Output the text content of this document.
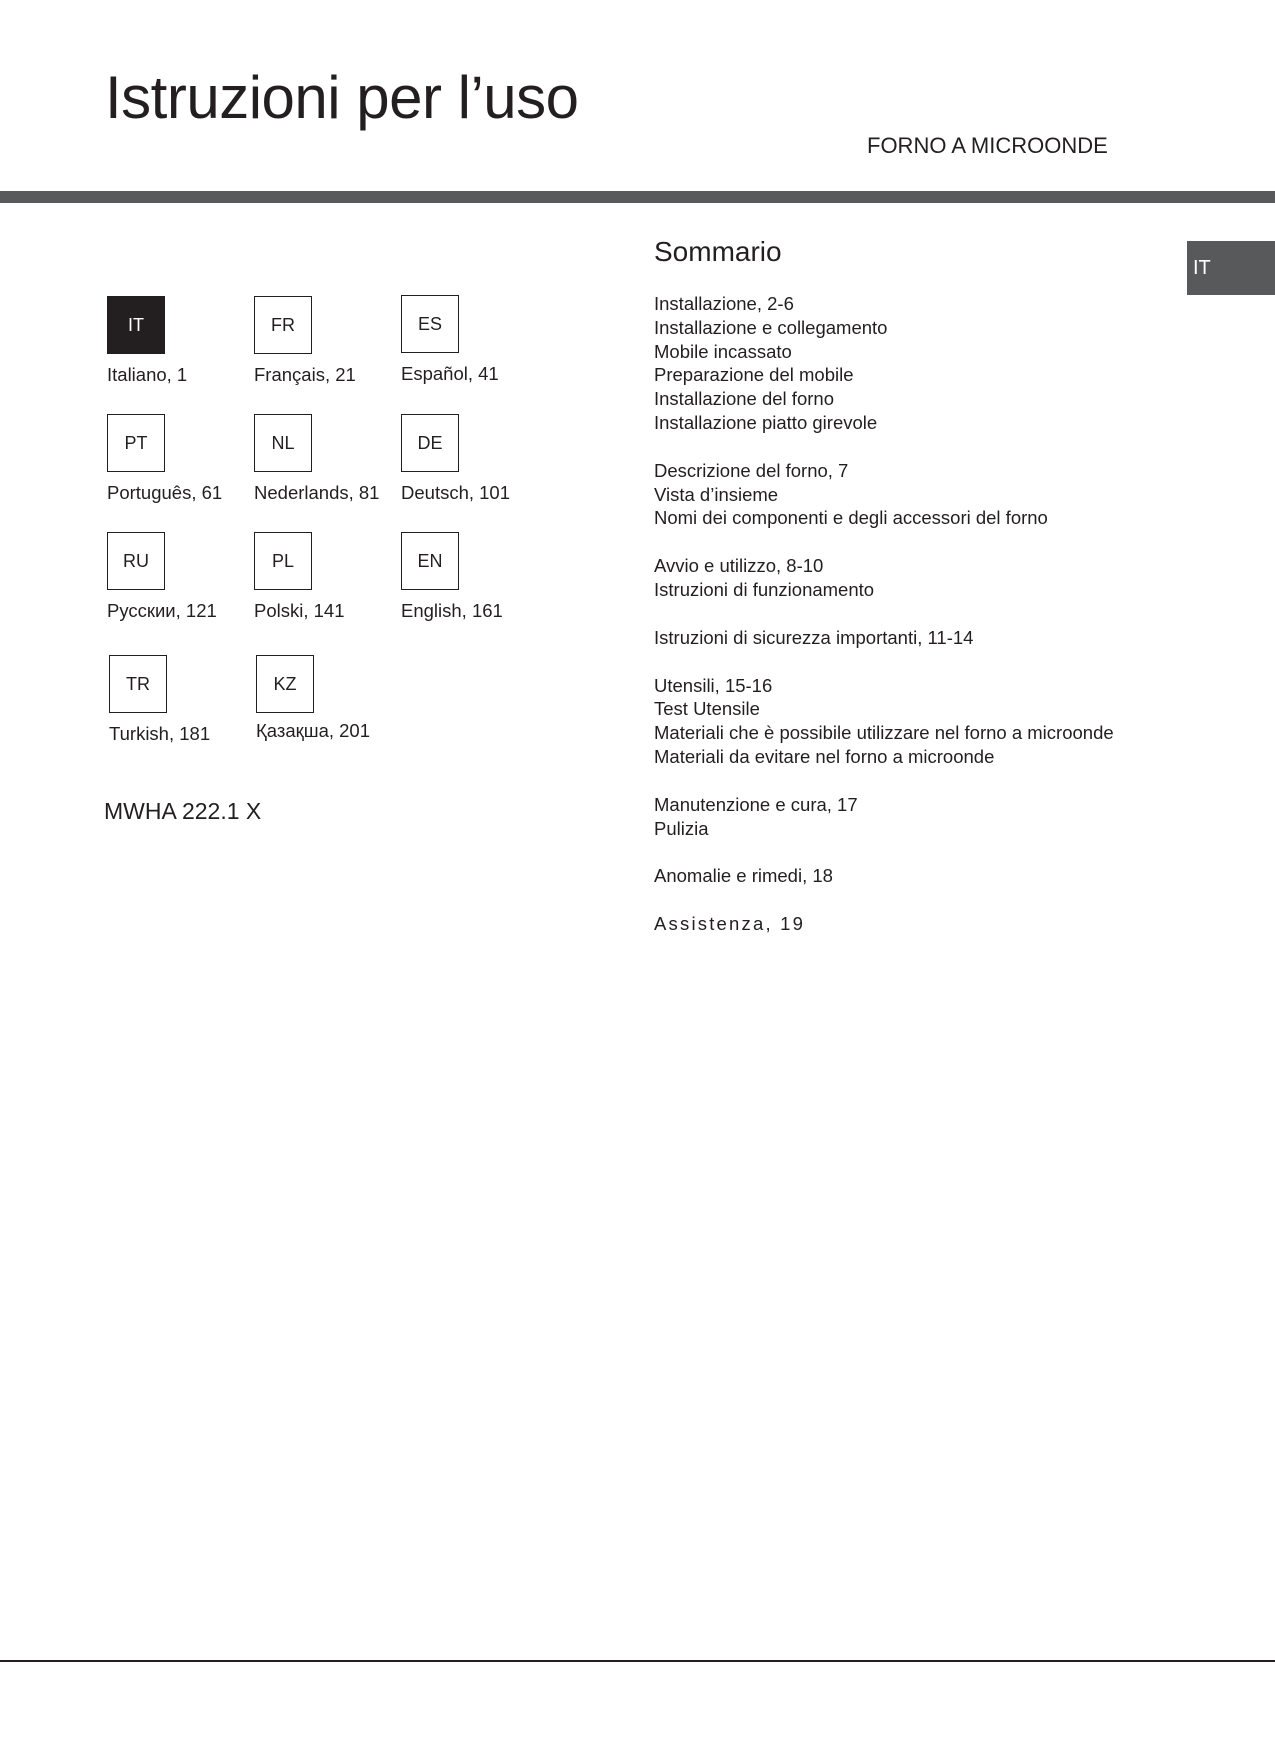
Istruzioni per l’uso
FORNO A MICROONDE
IT
IT
Italiano, 1
FR
Français, 21
ES
Español, 41
PT
Português, 61
NL
Nederlands, 81
DE
Deutsch, 101
RU
Русскии, 121
PL
Polski, 141
EN
English, 161
TR
Turkish, 181
KZ
Қазақша, 201
MWHA 222.1 X
Sommario
Installazione, 2-6
Installazione e collegamento
Mobile incassato
Preparazione del mobile
Installazione del forno
Installazione piatto girevole
Descrizione del forno, 7
Vista d’insieme
Nomi dei componenti e degli accessori del forno
Avvio e utilizzo, 8-10
Istruzioni di funzionamento
Istruzioni di sicurezza importanti, 11-14
Utensili, 15-16
Test Utensile
Materiali che è possibile utilizzare nel forno a microonde
Materiali da evitare nel forno a microonde
Manutenzione e cura, 17
Pulizia
Anomalie e rimedi, 18
Assistenza, 19
